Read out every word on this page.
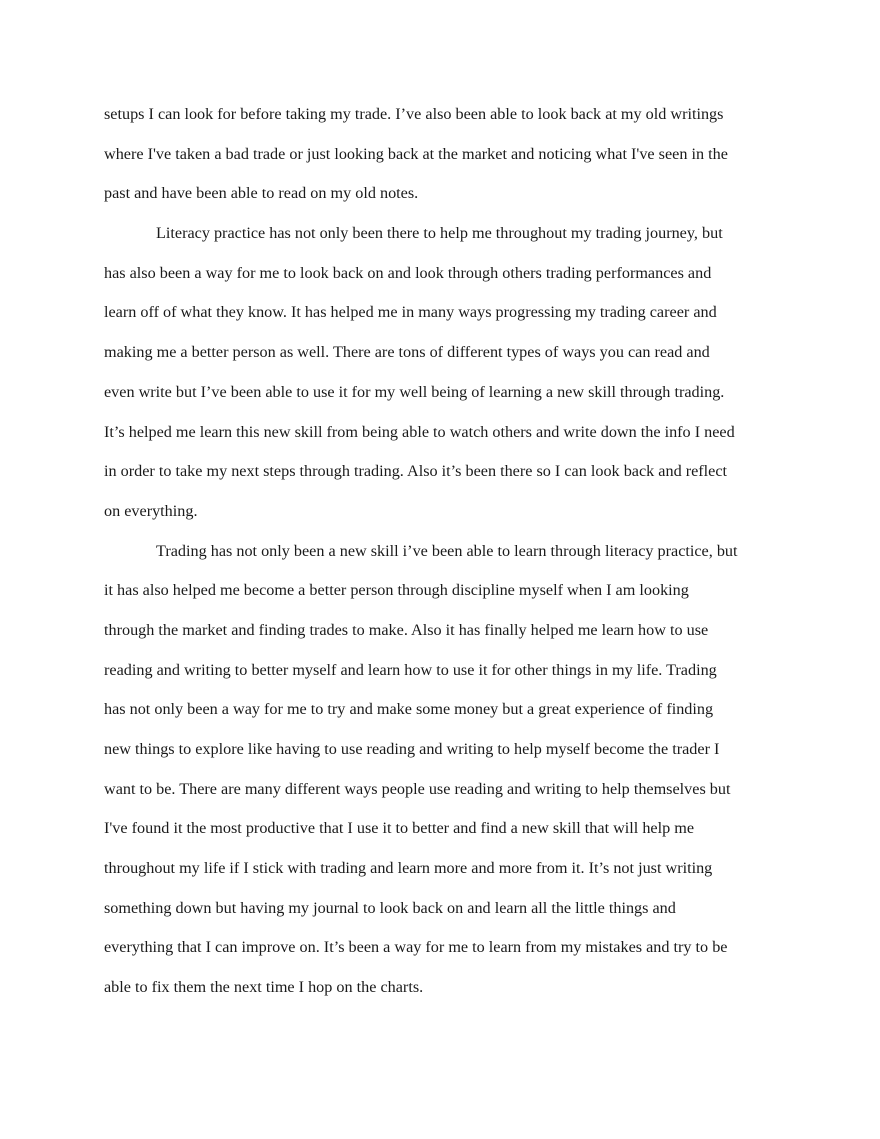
setups I can look for before taking my trade. I’ve also been able to look back at my old writings
where I've taken a bad trade or just looking back at the market and noticing what I've seen in the
past and have been able to read on my old notes.
Literacy practice has not only been there to help me throughout my trading journey, but
has also been a way for me to look back on and look through others trading performances and
learn off of what they know. It has helped me in many ways progressing my trading career and
making me a better person as well. There are tons of different types of ways you can read and
even write but I’ve been able to use it for my well being of learning a new skill through trading.
It’s helped me learn this new skill from being able to watch others and write down the info I need
in order to take my next steps through trading. Also it’s been there so I can look back and reflect
on everything.
Trading has not only been a new skill i’ve been able to learn through literacy practice, but
it has also helped me become a better person through discipline myself when I am looking
through the market and finding trades to make. Also it has finally helped me learn how to use
reading and writing to better myself and learn how to use it for other things in my life. Trading
has not only been a way for me to try and make some money but a great experience of finding
new things to explore like having to use reading and writing to help myself become the trader I
want to be. There are many different ways people use reading and writing to help themselves but
I've found it the most productive that I use it to better and find a new skill that will help me
throughout my life if I stick with trading and learn more and more from it. It’s not just writing
something down but having my journal to look back on and learn all the little things and
everything that I can improve on. It’s been a way for me to learn from my mistakes and try to be
able to fix them the next time I hop on the charts.
